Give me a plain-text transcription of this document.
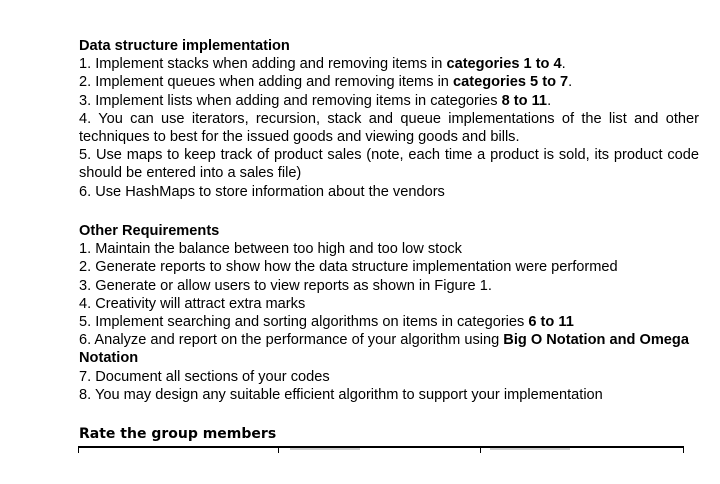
Data structure implementation
1. Implement stacks when adding and removing items in categories 1 to 4.
2. Implement queues when adding and removing items in categories 5 to 7.
3. Implement lists when adding and removing items in categories 8 to 11.
4. You can use iterators, recursion, stack and queue implementations of the list and other techniques to best for the issued goods and viewing goods and bills.
5. Use maps to keep track of product sales (note, each time a product is sold, its product code should be entered into a sales file)
6. Use HashMaps to store information about the vendors
Other Requirements
1. Maintain the balance between too high and too low stock
2. Generate reports to show how the data structure implementation were performed
3. Generate or allow users to view reports as shown in Figure 1.
4. Creativity will attract extra marks
5. Implement searching and sorting algorithms on items in categories 6 to 11
6. Analyze and report on the performance of your algorithm using Big O Notation and Omega Notation
7. Document all sections of your codes
8. You may design any suitable efficient algorithm to support your implementation
Rate the group members
